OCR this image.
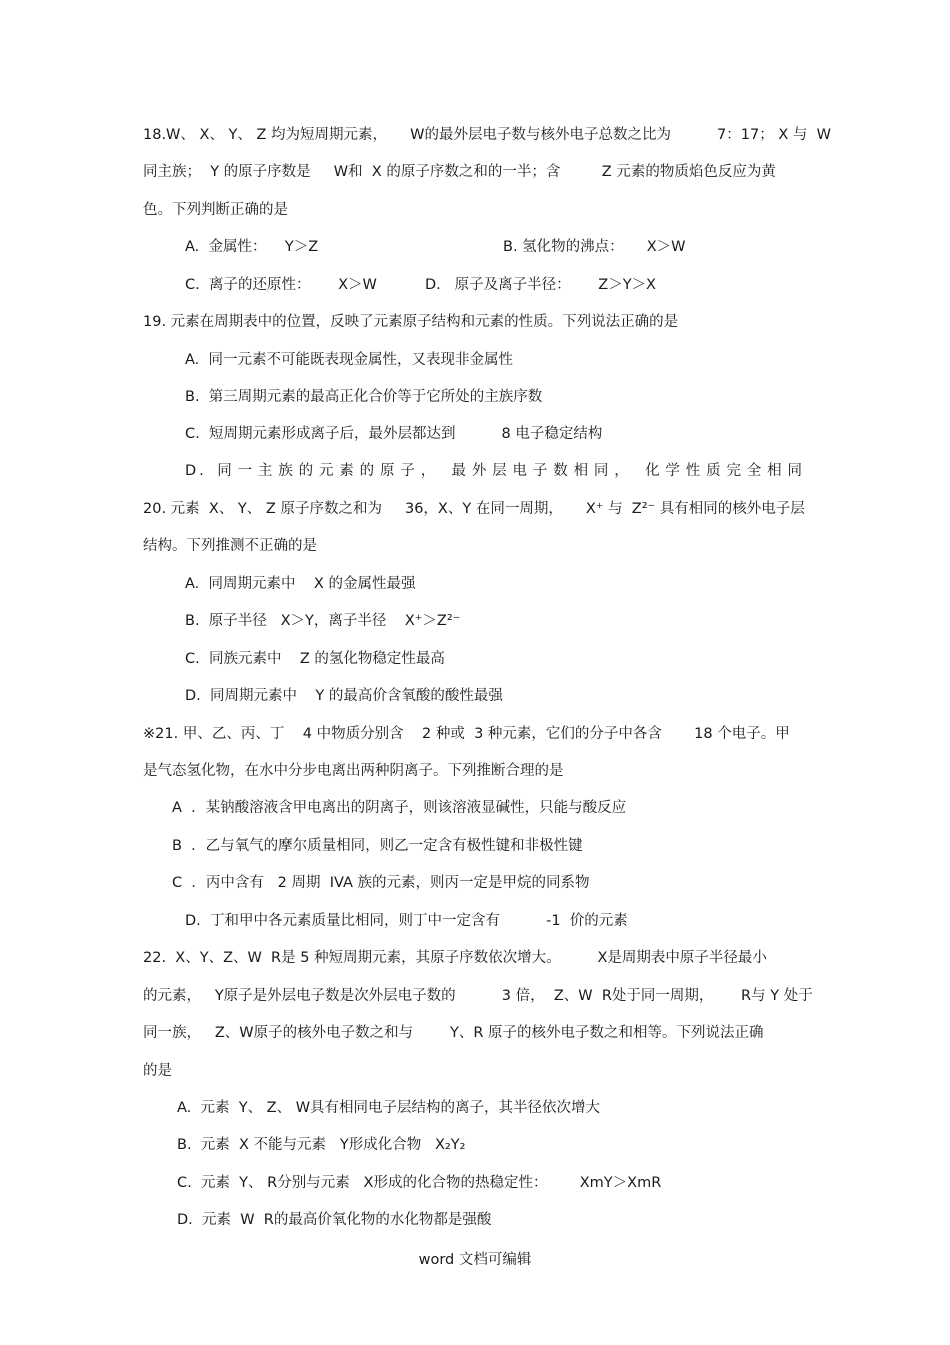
18.W、 X、 Y、 Z 均为短周期元素，     W的最外层电子数与核外电子总数之比为          7：17； X 与  W
同主族；  Y 的原子序数是     W和  X 的原子序数之和的一半；含         Z 元素的物质焰色反应为黄
色。下列判断正确的是
A.  金属性：    Y＞Z	B. 氢化物的沸点：     X＞W
C.  离子的还原性：      X＞W	D.   原子及离子半径：      Z＞Y＞X
19. 元素在周期表中的位置，反映了元素原子结构和元素的性质。下列说法正确的是
A.  同一元素不可能既表现金属性，又表现非金属性
B.  第三周期元素的最高正化合价等于它所处的主族序数
C.  短周期元素形成离子后，最外层都达到          8 电子稳定结构
D. 同一主族的元素的原子， 最外层电子数相同， 化学性质完全相同
20. 元素  X、 Y、 Z 原子序数之和为     36，X、Y 在同一周期，     X⁺ 与  Z²⁻ 具有相同的核外电子层
结构。下列推测不正确的是
A.  同周期元素中    X 的金属性最强
B.  原子半径   X＞Y，离子半径    X⁺＞Z²⁻
C.  同族元素中    Z 的氢化物稳定性最高
D.  同周期元素中    Y 的最高价含氧酸的酸性最强
※21. 甲、乙、丙、丁    4 中物质分别含    2 种或  3 种元素，它们的分子中各含       18 个电子。甲
是气态氢化物，在水中分步电离出两种阴离子。下列推断合理的是
A  ．某钠酸溶液含甲电离出的阴离子，则该溶液显碱性，只能与酸反应
B  ．乙与氧气的摩尔质量相同，则乙一定含有极性键和非极性键
C  ．丙中含有   2 周期  IVA 族的元素，则丙一定是甲烷的同系物
D.  丁和甲中各元素质量比相同，则丁中一定含有          -1  价的元素
22.  X、Y、Z、W  R是 5 种短周期元素，其原子序数依次增大。        X是周期表中原子半径最小
的元素，   Y原子是外层电子数是次外层电子数的          3 倍，  Z、W  R处于同一周期，      R与 Y 处于
同一族，   Z、W原子的核外电子数之和与        Y、R 原子的核外电子数之和相等。下列说法正确
的是
A.  元素  Y、 Z、 W具有相同电子层结构的离子，其半径依次增大
B.  元素  X 不能与元素   Y形成化合物   X₂Y₂
C.  元素  Y、 R分别与元素   X形成的化合物的热稳定性：       XmY＞XmR
D.  元素  W  R的最高价氧化物的水化物都是强酸
word 文档可编辑
